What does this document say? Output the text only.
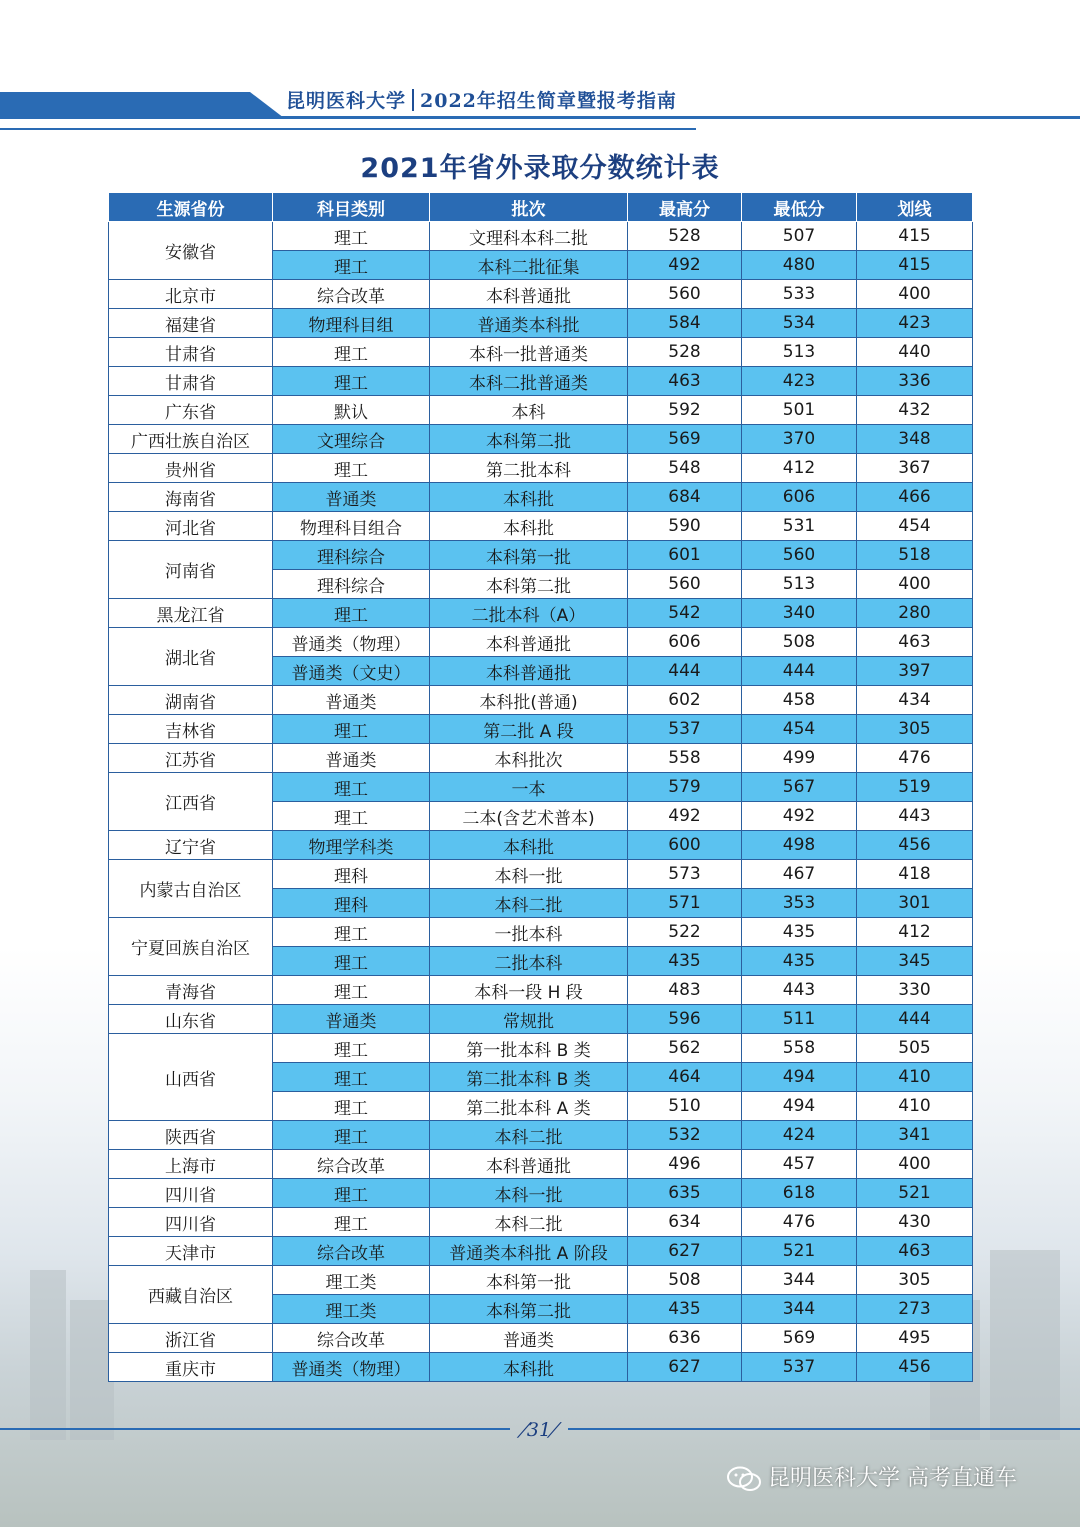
昆明医科大学 2022年招生简章暨报考指南
2021年省外录取分数统计表
生源省份	科目类别	批次	最高分	最低分	划线
安徽省	理工	文理科本科二批	528	507	415
	理工	本科二批征集	492	480	415
北京市	综合改革	本科普通批	560	533	400
福建省	物理科目组	普通类本科批	584	534	423
甘肃省	理工	本科一批普通类	528	513	440
甘肃省	理工	本科二批普通类	463	423	336
广东省	默认	本科	592	501	432
广西壮族自治区	文理综合	本科第二批	569	370	348
贵州省	理工	第二批本科	548	412	367
海南省	普通类	本科批	684	606	466
河北省	物理科目组合	本科批	590	531	454
河南省	理科综合	本科第一批	601	560	518
	理科综合	本科第二批	560	513	400
黑龙江省	理工	二批本科（A）	542	340	280
湖北省	普通类（物理）	本科普通批	606	508	463
	普通类（文史）	本科普通批	444	444	397
湖南省	普通类	本科批(普通)	602	458	434
吉林省	理工	第二批 A 段	537	454	305
江苏省	普通类	本科批次	558	499	476
江西省	理工	一本	579	567	519
	理工	二本(含艺术普本)	492	492	443
辽宁省	物理学科类	本科批	600	498	456
内蒙古自治区	理科	本科一批	573	467	418
	理科	本科二批	571	353	301
宁夏回族自治区	理工	一批本科	522	435	412
	理工	二批本科	435	435	345
青海省	理工	本科一段 H 段	483	443	330
山东省	普通类	常规批	596	511	444
山西省	理工	第一批本科 B 类	562	558	505
	理工	第二批本科 B 类	464	494	410
	理工	第二批本科 A 类	510	494	410
陕西省	理工	本科二批	532	424	341
上海市	综合改革	本科普通批	496	457	400
四川省	理工	本科一批	635	618	521
四川省	理工	本科二批	634	476	430
天津市	综合改革	普通类本科批 A 阶段	627	521	463
西藏自治区	理工类	本科第一批	508	344	305
	理工类	本科第二批	435	344	273
浙江省	综合改革	普通类	636	569	495
重庆市	普通类（物理）	本科批	627	537	456
/31/
昆明医科大学 高考直通车
